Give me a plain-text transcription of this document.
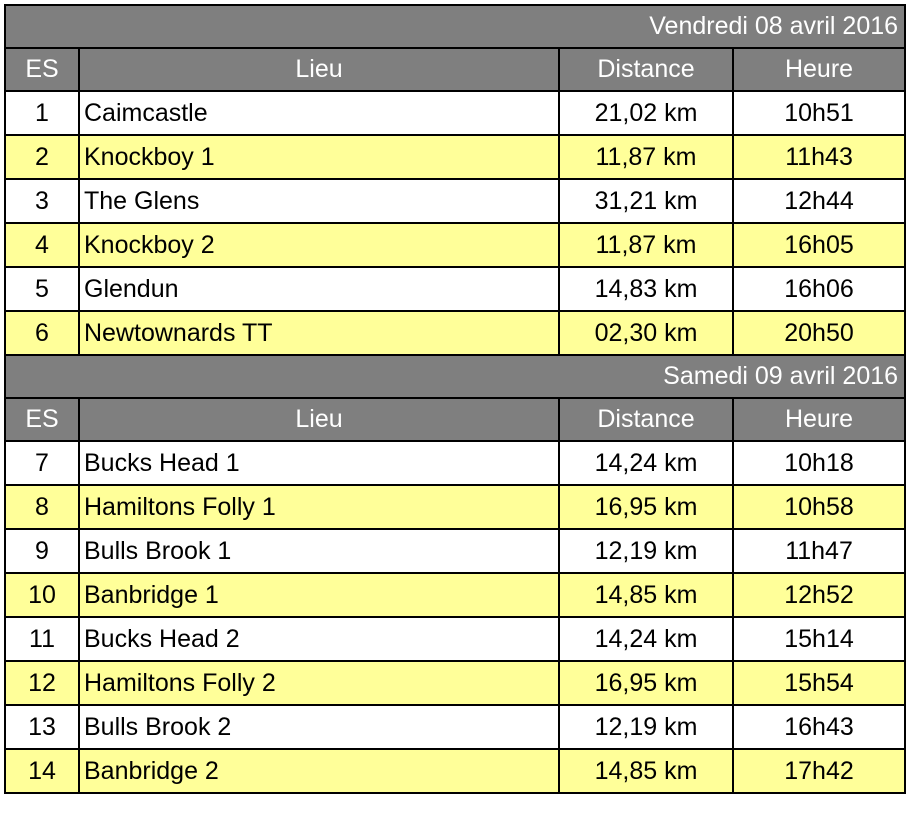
Vendredi 08 avril 2016			
ES	Lieu	Distance	Heure
1	Caimcastle	21,02 km	10h51
2	Knockboy 1	11,87 km	11h43
3	The Glens	31,21 km	12h44
4	Knockboy 2	11,87 km	16h05
5	Glendun	14,83 km	16h06
6	Newtownards TT	02,30 km	20h50
Samedi 09 avril 2016			
ES	Lieu	Distance	Heure
7	Bucks Head 1	14,24 km	10h18
8	Hamiltons Folly 1	16,95 km	10h58
9	Bulls Brook 1	12,19 km	11h47
10	Banbridge 1	14,85 km	12h52
11	Bucks Head 2	14,24 km	15h14
12	Hamiltons Folly 2	16,95 km	15h54
13	Bulls Brook 2	12,19 km	16h43
14	Banbridge 2	14,85 km	17h42
